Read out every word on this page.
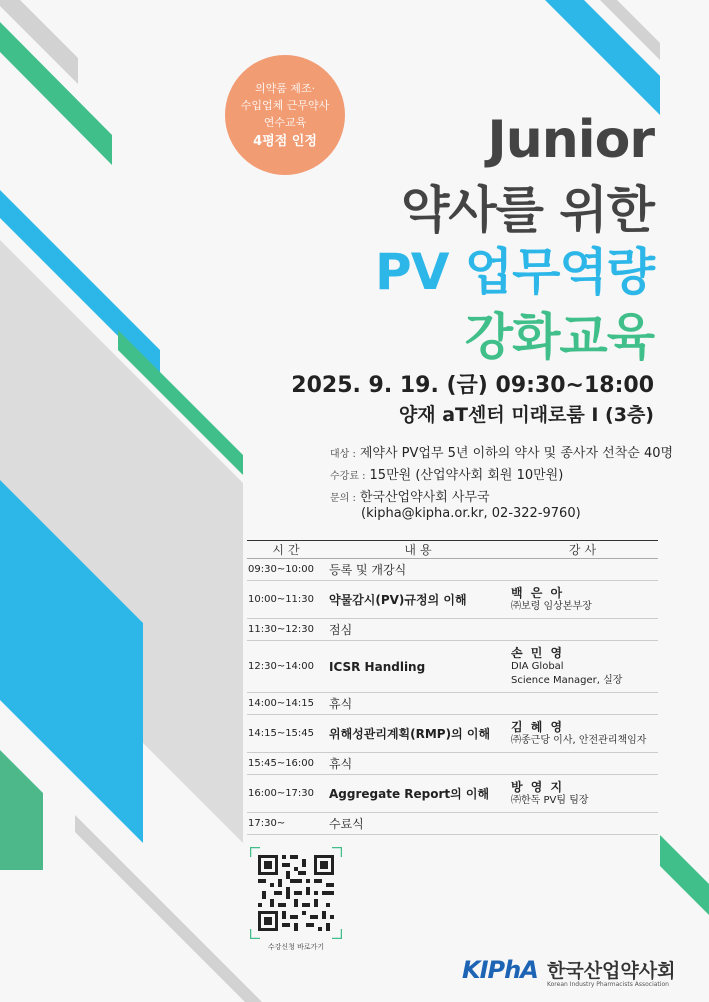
의약품 제조·
수입업체 근무약사
연수교육
4평점 인정	Junior
약사를 위한
PV 업무역량
강화교육
2025. 9. 19. (금) 09:30~18:00
양재 aT센터 미래로룸 I (3층)
대상 : 제약사 PV업무 5년 이하의 약사 및 종사자 선착순 40명
수강료 : 15만원 (산업약사회 회원 10만원)
문의 : 한국산업약사회 사무국
(kipha@kipha.or.kr, 02-322-9760)
시간	내용	강사
09:30~10:00	등록 및 개강식	
10:00~11:30	약물감시(PV)규정의 이해	백 은 아
㈜보령 임상본부장

11:30~12:30	점심	
12:30~14:00	ICSR Handling	손 민 영
DIA Global
Science Manager, 실장

14:00~14:15	휴식	
14:15~15:45	위해성관리계획(RMP)의 이해	김 혜 영
㈜종근당 이사, 안전관리책임자

15:45~16:00	휴식	
16:00~17:30	Aggregate Report의 이해	방 영 지
㈜한독 PV팀 팀장

17:30~	수료식	
수강신청 바로가기
KIPhA 한국산업약사회
Korean Industry Pharmacists Association
